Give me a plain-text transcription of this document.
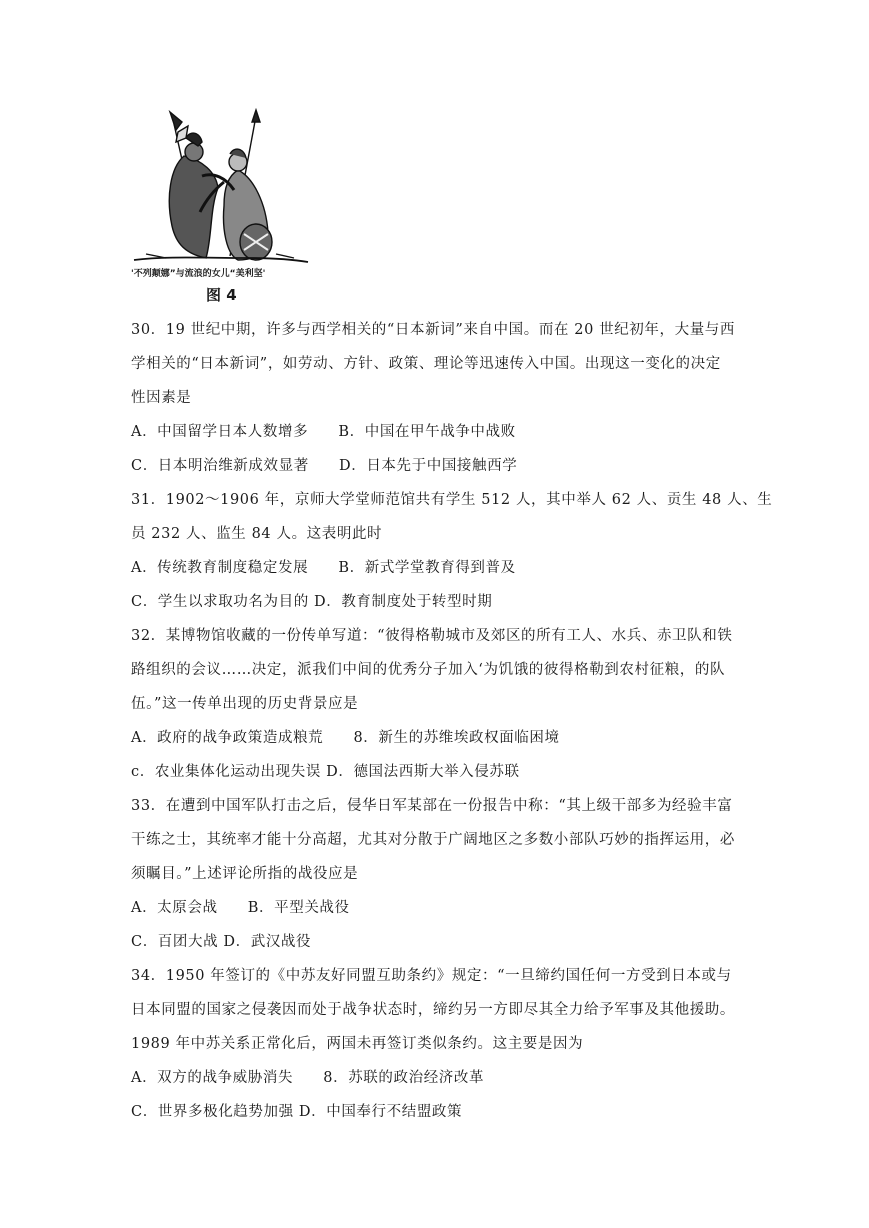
'不列颠娜”与流浪的女儿“美利坚'
图 4
30．19 世纪中期，许多与西学相关的“日本新词”来自中国。而在 20 世纪初年，大量与西
学相关的“日本新词”，如劳动、方针、政策、理论等迅速传入中国。出现这一变化的决定
性因素是
A．中国留学日本人数增多　　B．中国在甲午战争中战败
C．日本明治维新成效显著　　D．日本先于中国接触西学
31．1902～1906 年，京师大学堂师范馆共有学生 512 人，其中举人 62 人、贡生 48 人、生
员 232 人、监生 84 人。这表明此时
A．传统教育制度稳定发展　　B．新式学堂教育得到普及
C．学生以求取功名为目的 D．教育制度处于转型时期
32．某博物馆收藏的一份传单写道：“彼得格勒城市及郊区的所有工人、水兵、赤卫队和铁
路组织的会议……决定，派我们中间的优秀分子加入‘为饥饿的彼得格勒到农村征粮，的队
伍。”这一传单出现的历史背景应是
A．政府的战争政策造成粮荒　　8．新生的苏维埃政权面临困境
c．农业集体化运动出现失误 D．德国法西斯大举入侵苏联
33．在遭到中国军队打击之后，侵华日军某部在一份报告中称：“其上级干部多为经验丰富
干练之士，其统率才能十分高超，尤其对分散于广阔地区之多数小部队巧妙的指挥运用，必
须瞩目。”上述评论所指的战役应是
A．太原会战　　B．平型关战役
C．百团大战 D．武汉战役
34．1950 年签订的《中苏友好同盟互助条约》规定：“一旦缔约国任何一方受到日本或与
日本同盟的国家之侵袭因而处于战争状态时，缔约另一方即尽其全力给予军事及其他援助。
1989 年中苏关系正常化后，两国未再签订类似条约。这主要是因为
A．双方的战争威胁消失　　8．苏联的政治经济改革
C．世界多极化趋势加强 D．中国奉行不结盟政策
